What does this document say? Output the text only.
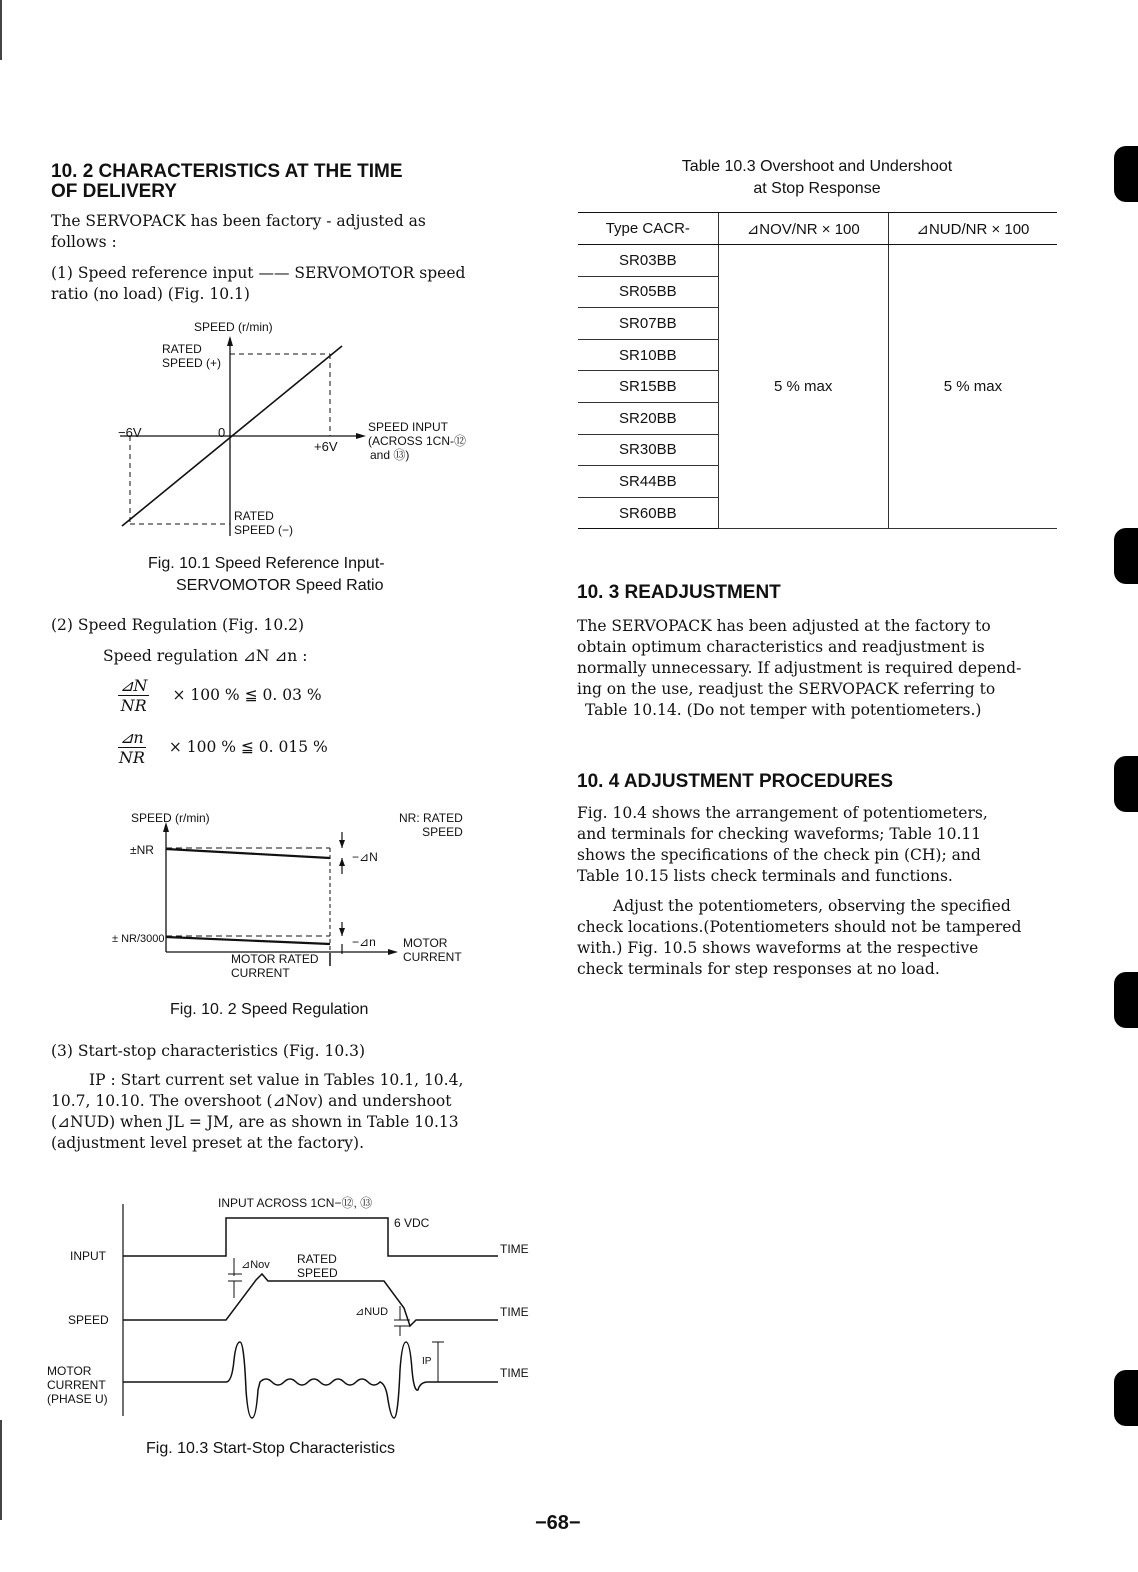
10. 2 CHARACTERISTICS AT THE TIME
OF DELIVERY
The SERVOPACK has been factory - adjusted as
follows :
(1) Speed reference input —— SERVOMOTOR speed
ratio (no load) (Fig. 10.1)
SPEED (r/min)
RATED
SPEED (+)
−6V	0
+6V
SPEED INPUT
(ACROSS 1CN-⑫
and ⑬)
RATED
SPEED (−)
Fig. 10.1 Speed Reference Input-
SERVOMOTOR Speed Ratio
(2) Speed Regulation (Fig. 10.2)
Speed regulation ⊿N ⊿n :
$\frac{⊿N}{NR} \times 100$ % ≦ 0. 03 %
$\frac{⊿n}{NR} \times 100$ % ≦ 0. 015 %
SPEED (r/min)	NR: RATED
SPEED
±NR	−⊿N
± NR/3000	−⊿n MOTOR
CURRENT
MOTOR RATED
CURRENT
Fig. 10. 2 Speed Regulation
(3) Start-stop characteristics (Fig. 10.3)
IP : Start current set value in Tables 10.1, 10.4,
10.7, 10.10. The overshoot (⊿Nov) and undershoot
(⊿NUD) when JL = JM, are as shown in Table 10.13
(adjustment level preset at the factory).
INPUT ACROSS 1CN−⑫, ⑬
6 VDC
INPUT	TIME
⊿Nov RATED
SPEED
SPEED
⊿NUD	TIME
MOTOR
CURRENT
(PHASE U)
IP
TIME
Fig. 10.3 Start-Stop Characteristics
Table 10.3 Overshoot and Undershoot
at Stop Response
Type CACR-	⊿NOV/NR × 100	⊿NUD/NR × 100
SR03BB	5 % max	5 % max
SR05BB		
SR07BB		
SR10BB		
SR15BB		
SR20BB		
SR30BB		
SR44BB		
SR60BB		
10. 3 READJUSTMENT
The SERVOPACK has been adjusted at the factory to
obtain optimum characteristics and readjustment is
normally unnecessary. If adjustment is required depend-
ing on the use, readjust the SERVOPACK referring to
Table 10.14. (Do not temper with potentiometers.)
10. 4 ADJUSTMENT PROCEDURES
Fig. 10.4 shows the arrangement of potentiometers,
and terminals for checking waveforms; Table 10.11
shows the specifications of the check pin (CH); and
Table 10.15 lists check terminals and functions.
Adjust the potentiometers, observing the specified
check locations.(Potentiometers should not be tampered
with.) Fig. 10.5 shows waveforms at the respective
check terminals for step responses at no load.
−68−
